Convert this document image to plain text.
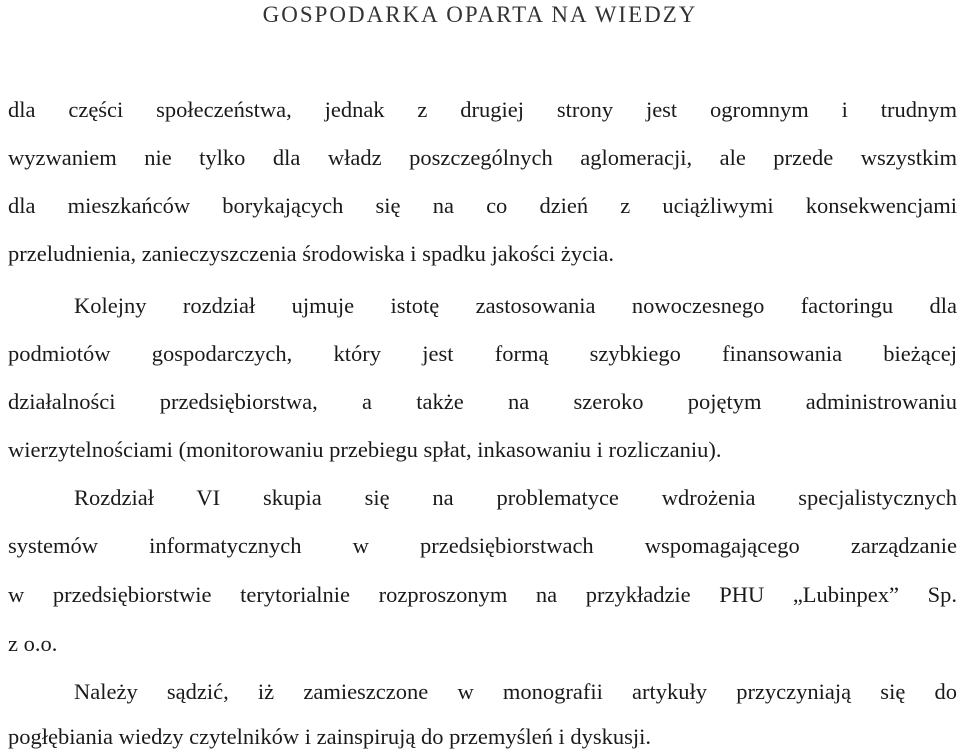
GOSPODARKA OPARTA NA WIEDZY
dla części społeczeństwa, jednak z drugiej strony jest ogromnym i trudnym
wyzwaniem nie tylko dla władz poszczególnych aglomeracji, ale przede wszystkim
dla mieszkańców borykających się na co dzień z uciążliwymi konsekwencjami
przeludnienia, zanieczyszczenia środowiska i spadku jakości życia.
Kolejny rozdział ujmuje istotę zastosowania nowoczesnego factoringu dla
podmiotów gospodarczych, który jest formą szybkiego finansowania bieżącej
działalności przedsiębiorstwa, a także na szeroko pojętym administrowaniu
wierzytelnościami (monitorowaniu przebiegu spłat, inkasowaniu i rozliczaniu).
Rozdział VI skupia się na problematyce wdrożenia specjalistycznych
systemów informatycznych w przedsiębiorstwach wspomagającego zarządzanie
w przedsiębiorstwie terytorialnie rozproszonym na przykładzie PHU „Lubinpex” Sp.
z o.o.
Należy sądzić, iż zamieszczone w monografii artykuły przyczyniają się do
pogłębiania wiedzy czytelników i zainspirują do przemyśleń i dyskusji.
